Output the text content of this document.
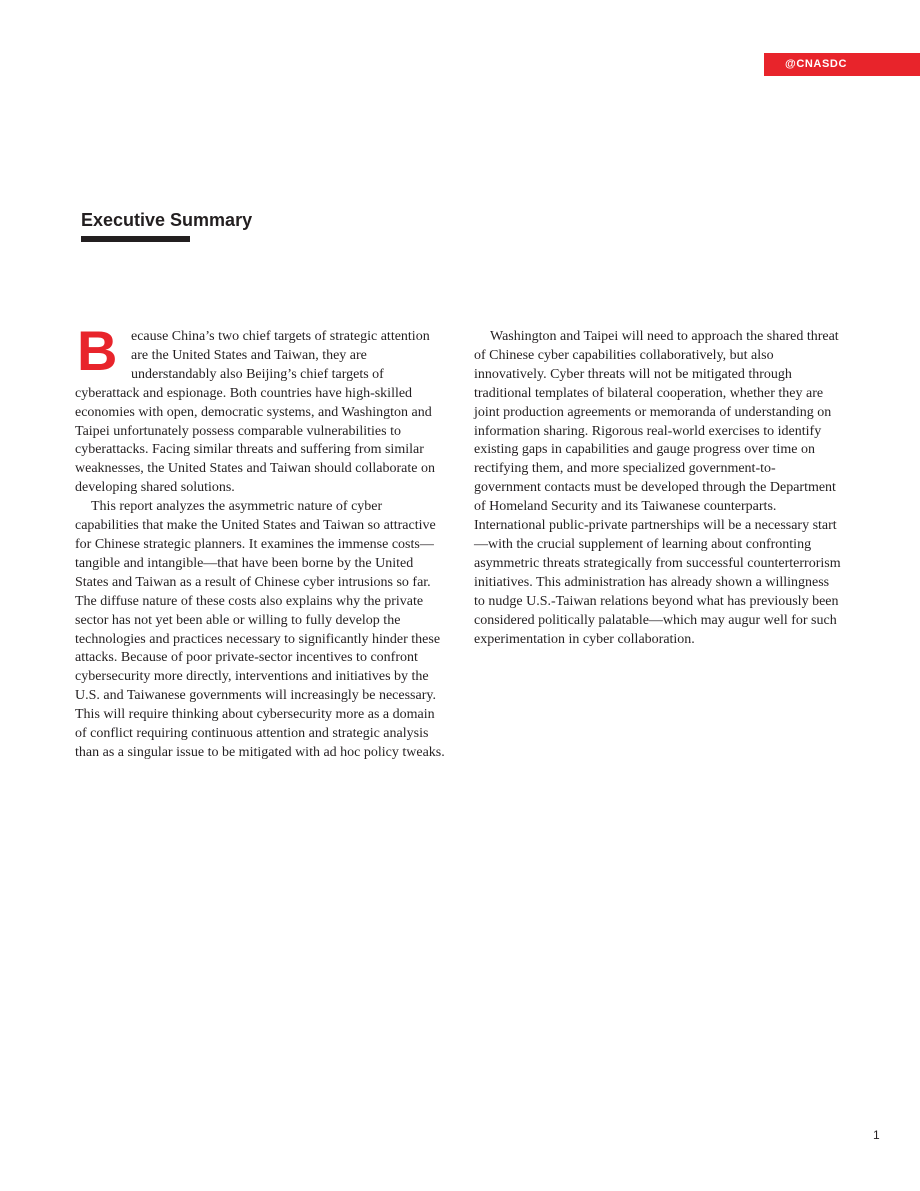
@CNASDC
Executive Summary

Because China’s two chief targets of strategic attention are the United States and Taiwan, they are understandably also Beijing’s chief targets of cyberattack and espionage. Both countries have high-skilled economies with open, democratic systems, and Washington and Taipei unfortunately possess comparable vulnerabilities to cyberattacks. Facing similar threats and suffering from similar weaknesses, the United States and Taiwan should collaborate on developing shared solutions.

This report analyzes the asymmetric nature of cyber capabilities that make the United States and Taiwan so attractive for Chinese strategic planners. It examines the immense costs—tangible and intangible—that have been borne by the United States and Taiwan as a result of Chinese cyber intrusions so far. The diffuse nature of these costs also explains why the private sector has not yet been able or willing to fully develop the technologies and practices necessary to significantly hinder these attacks. Because of poor private-sector incentives to confront cybersecurity more directly, interventions and initiatives by the U.S. and Taiwanese governments will increasingly be necessary. This will require thinking about cybersecurity more as a domain of conflict requiring continuous attention and strategic analysis than as a singular issue to be mitigated with ad hoc policy tweaks.

Washington and Taipei will need to approach the shared threat of Chinese cyber capabilities collaboratively, but also innovatively. Cyber threats will not be mitigated through traditional templates of bilateral cooperation, whether they are joint production agreements or memoranda of understanding on information sharing. Rigorous real-world exercises to identify existing gaps in capabilities and gauge progress over time on rectifying them, and more specialized government-to-government contacts must be developed through the Department of Homeland Security and its Taiwanese counterparts. International public-private partnerships will be a necessary start—with the crucial supplement of learning about confronting asymmetric threats strategically from successful counterterrorism initiatives. This administration has already shown a willingness to nudge U.S.-Taiwan relations beyond what has previously been considered politically palatable—which may augur well for such experimentation in cyber collaboration.

1
